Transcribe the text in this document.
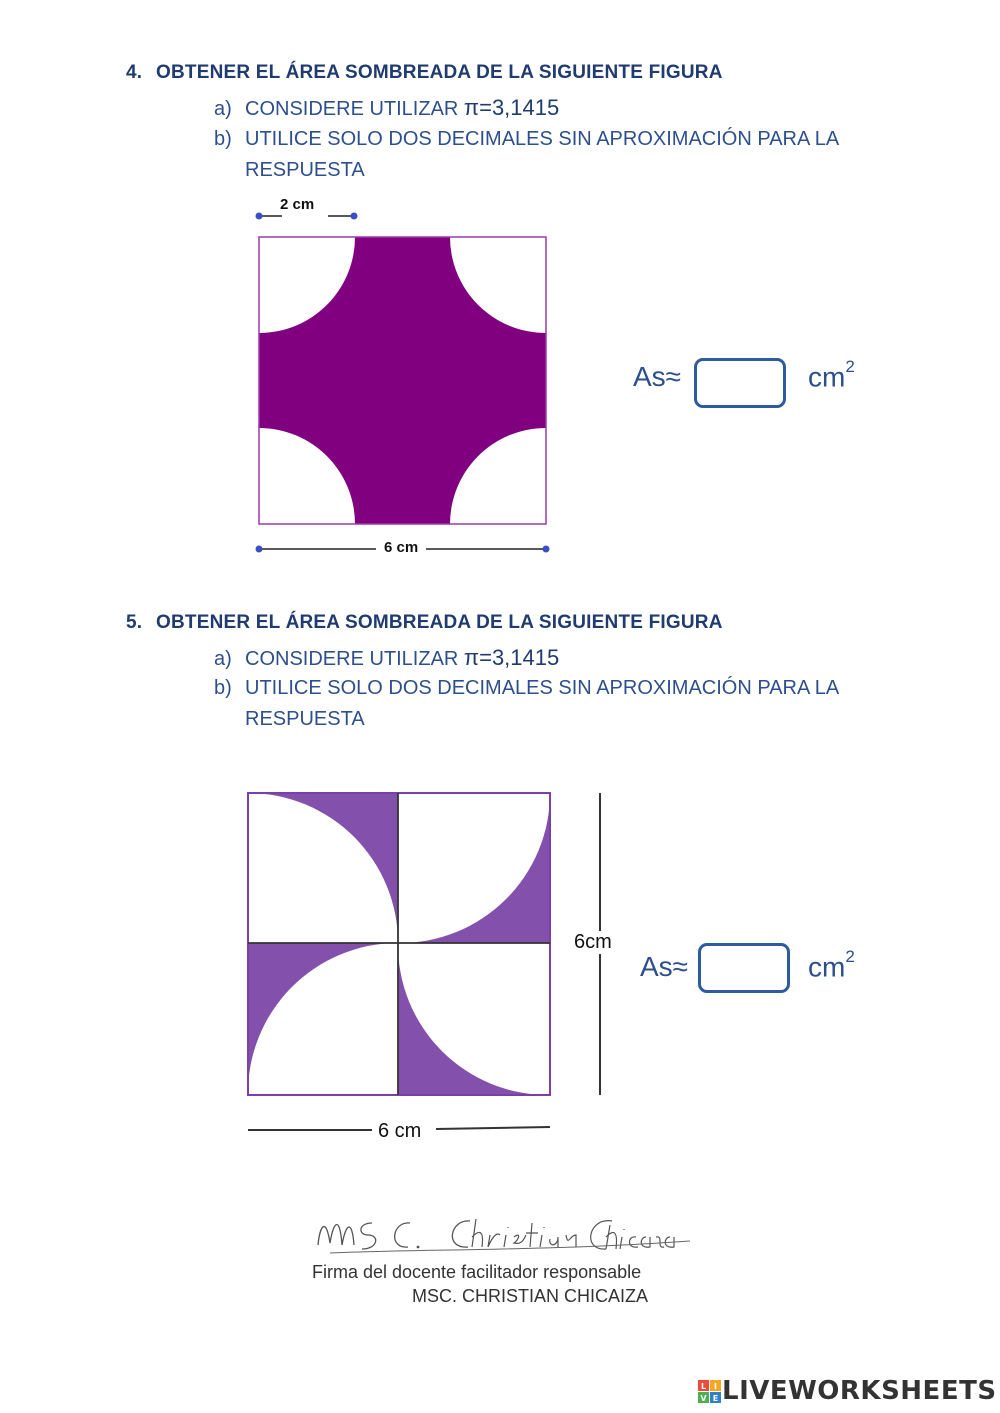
4. OBTENER EL ÁREA SOMBREADA DE LA SIGUIENTE FIGURA
a) CONSIDERE UTILIZAR π=3,1415
b) UTILICE SOLO DOS DECIMALES SIN APROXIMACIÓN PARA LA
RESPUESTA
2 cm
6 cm
As≈	$cm^2$
5. OBTENER EL ÁREA SOMBREADA DE LA SIGUIENTE FIGURA
a) CONSIDERE UTILIZAR π=3,1415
b) UTILICE SOLO DOS DECIMALES SIN APROXIMACIÓN PARA LA
RESPUESTA
6cm
6 cm
As≈	$cm^2$
Firma del docente facilitador responsable
MSC. CHRISTIAN CHICAIZA
L I
V E LIVEWORKSHEETS
